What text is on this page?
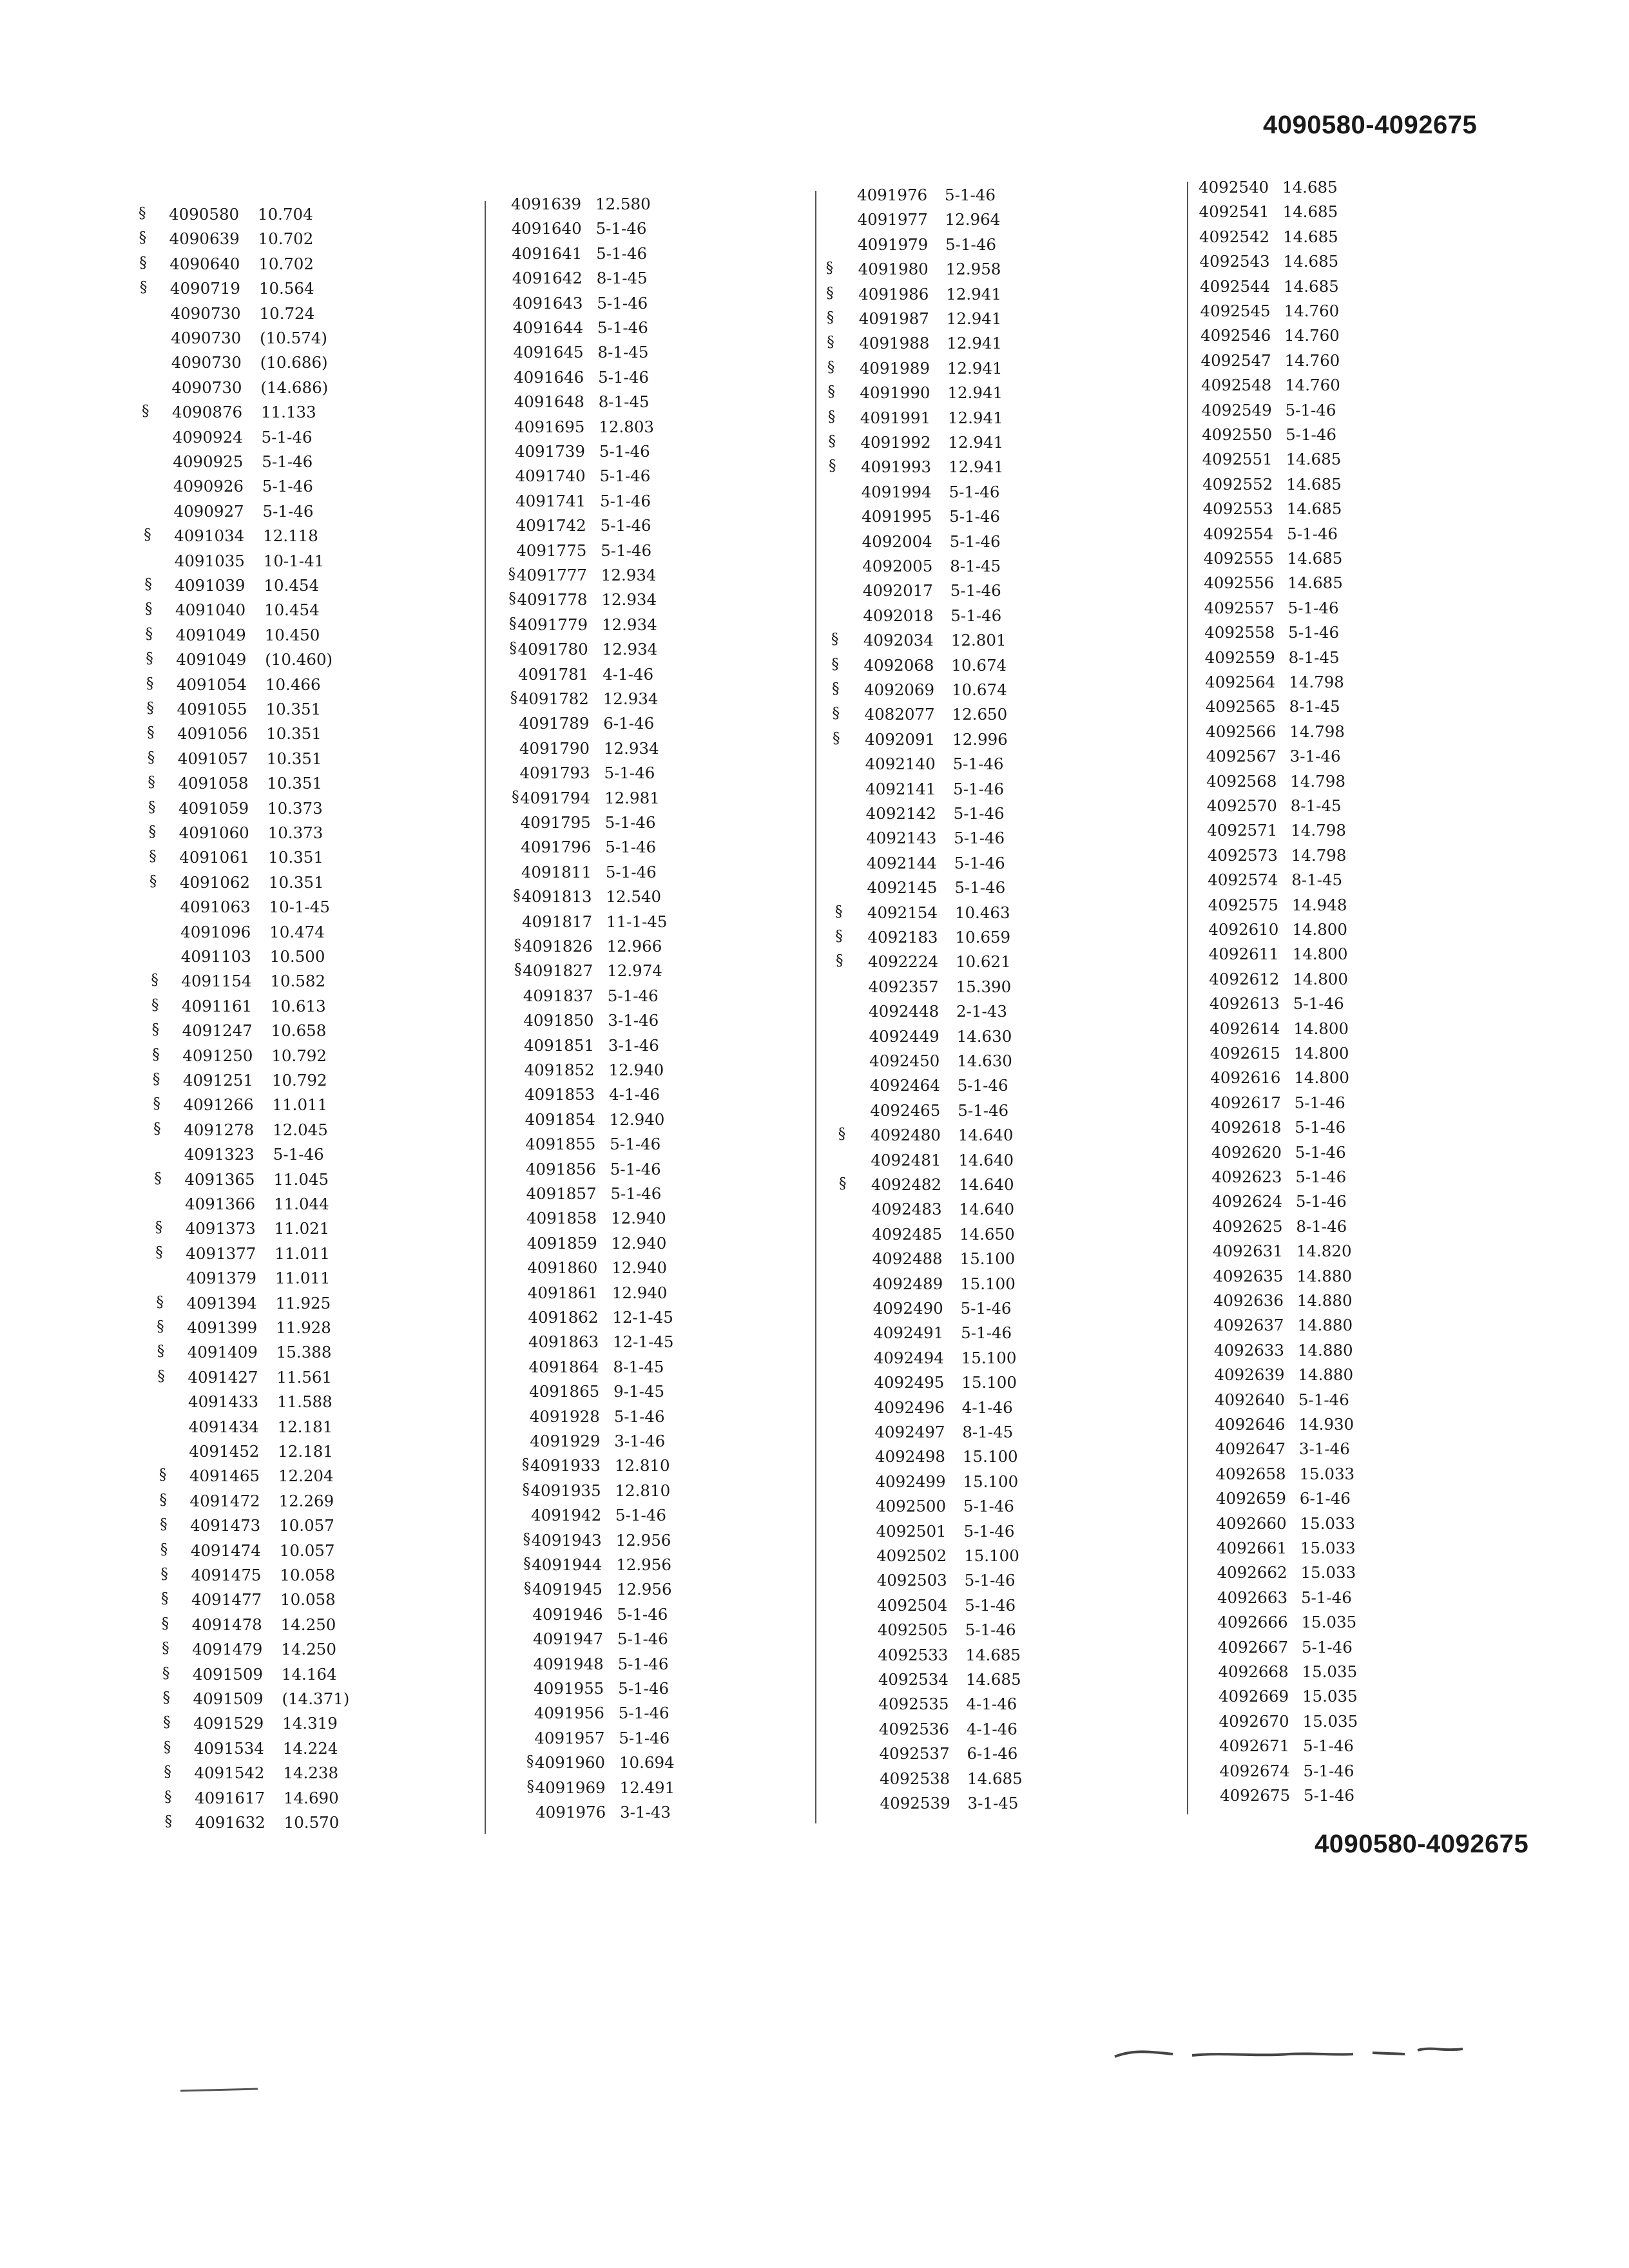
4090580-4092675
4090580-4092675
§ 4090580 10.704
§ 4090639 10.702
§ 4090640 10.702
§ 4090719 10.564
4090730 10.724
4090730 (10.574)
4090730 (10.686)
4090730 (14.686)
§ 4090876 11.133
4090924 5-1-46
4090925 5-1-46
4090926 5-1-46
4090927 5-1-46
§ 4091034 12.118
4091035 10-1-41
§ 4091039 10.454
§ 4091040 10.454
§ 4091049 10.450
§ 4091049 (10.460)
§ 4091054 10.466
§ 4091055 10.351
§ 4091056 10.351
§ 4091057 10.351
§ 4091058 10.351
§ 4091059 10.373
§ 4091060 10.373
§ 4091061 10.351
§ 4091062 10.351
4091063 10-1-45
4091096 10.474
4091103 10.500
§ 4091154 10.582
§ 4091161 10.613
§ 4091247 10.658
§ 4091250 10.792
§ 4091251 10.792
§ 4091266 11.011
§ 4091278 12.045
4091323 5-1-46
§ 4091365 11.045
4091366 11.044
§ 4091373 11.021
§ 4091377 11.011
4091379 11.011
§ 4091394 11.925
§ 4091399 11.928
§ 4091409 15.388
§ 4091427 11.561
4091433 11.588
4091434 12.181
4091452 12.181
§ 4091465 12.204
§ 4091472 12.269
§ 4091473 10.057
§ 4091474 10.057
§ 4091475 10.058
§ 4091477 10.058
§ 4091478 14.250
§ 4091479 14.250
§ 4091509 14.164
§ 4091509 (14.371)
§ 4091529 14.319
§ 4091534 14.224
§ 4091542 14.238
§ 4091617 14.690
§ 4091632 10.570
4091639 12.580
4091640 5-1-46
4091641 5-1-46
4091642 8-1-45
4091643 5-1-46
4091644 5-1-46
4091645 8-1-45
4091646 5-1-46
4091648 8-1-45
4091695 12.803
4091739 5-1-46
4091740 5-1-46
4091741 5-1-46
4091742 5-1-46
4091775 5-1-46
§ 4091777 12.934
§ 4091778 12.934
§ 4091779 12.934
§ 4091780 12.934
4091781 4-1-46
§ 4091782 12.934
4091789 6-1-46
4091790 12.934
4091793 5-1-46
§ 4091794 12.981
4091795 5-1-46
4091796 5-1-46
4091811 5-1-46
§ 4091813 12.540
4091817 11-1-45
§ 4091826 12.966
§ 4091827 12.974
4091837 5-1-46
4091850 3-1-46
4091851 3-1-46
4091852 12.940
4091853 4-1-46
4091854 12.940
4091855 5-1-46
4091856 5-1-46
4091857 5-1-46
4091858 12.940
4091859 12.940
4091860 12.940
4091861 12.940
4091862 12-1-45
4091863 12-1-45
4091864 8-1-45
4091865 9-1-45
4091928 5-1-46
4091929 3-1-46
§ 4091933 12.810
§ 4091935 12.810
4091942 5-1-46
§ 4091943 12.956
§ 4091944 12.956
§ 4091945 12.956
4091946 5-1-46
4091947 5-1-46
4091948 5-1-46
4091955 5-1-46
4091956 5-1-46
4091957 5-1-46
§ 4091960 10.694
§ 4091969 12.491
4091976 3-1-43
4091976 5-1-46
4091977 12.964
4091979 5-1-46
§ 4091980 12.958
§ 4091986 12.941
§ 4091987 12.941
§ 4091988 12.941
§ 4091989 12.941
§ 4091990 12.941
§ 4091991 12.941
§ 4091992 12.941
§ 4091993 12.941
4091994 5-1-46
4091995 5-1-46
4092004 5-1-46
4092005 8-1-45
4092017 5-1-46
4092018 5-1-46
§ 4092034 12.801
§ 4092068 10.674
§ 4092069 10.674
§ 4082077 12.650
§ 4092091 12.996
4092140 5-1-46
4092141 5-1-46
4092142 5-1-46
4092143 5-1-46
4092144 5-1-46
4092145 5-1-46
§ 4092154 10.463
§ 4092183 10.659
§ 4092224 10.621
4092357 15.390
4092448 2-1-43
4092449 14.630
4092450 14.630
4092464 5-1-46
4092465 5-1-46
§ 4092480 14.640
4092481 14.640
§ 4092482 14.640
4092483 14.640
4092485 14.650
4092488 15.100
4092489 15.100
4092490 5-1-46
4092491 5-1-46
4092494 15.100
4092495 15.100
4092496 4-1-46
4092497 8-1-45
4092498 15.100
4092499 15.100
4092500 5-1-46
4092501 5-1-46
4092502 15.100
4092503 5-1-46
4092504 5-1-46
4092505 5-1-46
4092533 14.685
4092534 14.685
4092535 4-1-46
4092536 4-1-46
4092537 6-1-46
4092538 14.685
4092539 3-1-45
4092540 14.685
4092541 14.685
4092542 14.685
4092543 14.685
4092544 14.685
4092545 14.760
4092546 14.760
4092547 14.760
4092548 14.760
4092549 5-1-46
4092550 5-1-46
4092551 14.685
4092552 14.685
4092553 14.685
4092554 5-1-46
4092555 14.685
4092556 14.685
4092557 5-1-46
4092558 5-1-46
4092559 8-1-45
4092564 14.798
4092565 8-1-45
4092566 14.798
4092567 3-1-46
4092568 14.798
4092570 8-1-45
4092571 14.798
4092573 14.798
4092574 8-1-45
4092575 14.948
4092610 14.800
4092611 14.800
4092612 14.800
4092613 5-1-46
4092614 14.800
4092615 14.800
4092616 14.800
4092617 5-1-46
4092618 5-1-46
4092620 5-1-46
4092623 5-1-46
4092624 5-1-46
4092625 8-1-46
4092631 14.820
4092635 14.880
4092636 14.880
4092637 14.880
4092633 14.880
4092639 14.880
4092640 5-1-46
4092646 14.930
4092647 3-1-46
4092658 15.033
4092659 6-1-46
4092660 15.033
4092661 15.033
4092662 15.033
4092663 5-1-46
4092666 15.035
4092667 5-1-46
4092668 15.035
4092669 15.035
4092670 15.035
4092671 5-1-46
4092674 5-1-46
4092675 5-1-46
